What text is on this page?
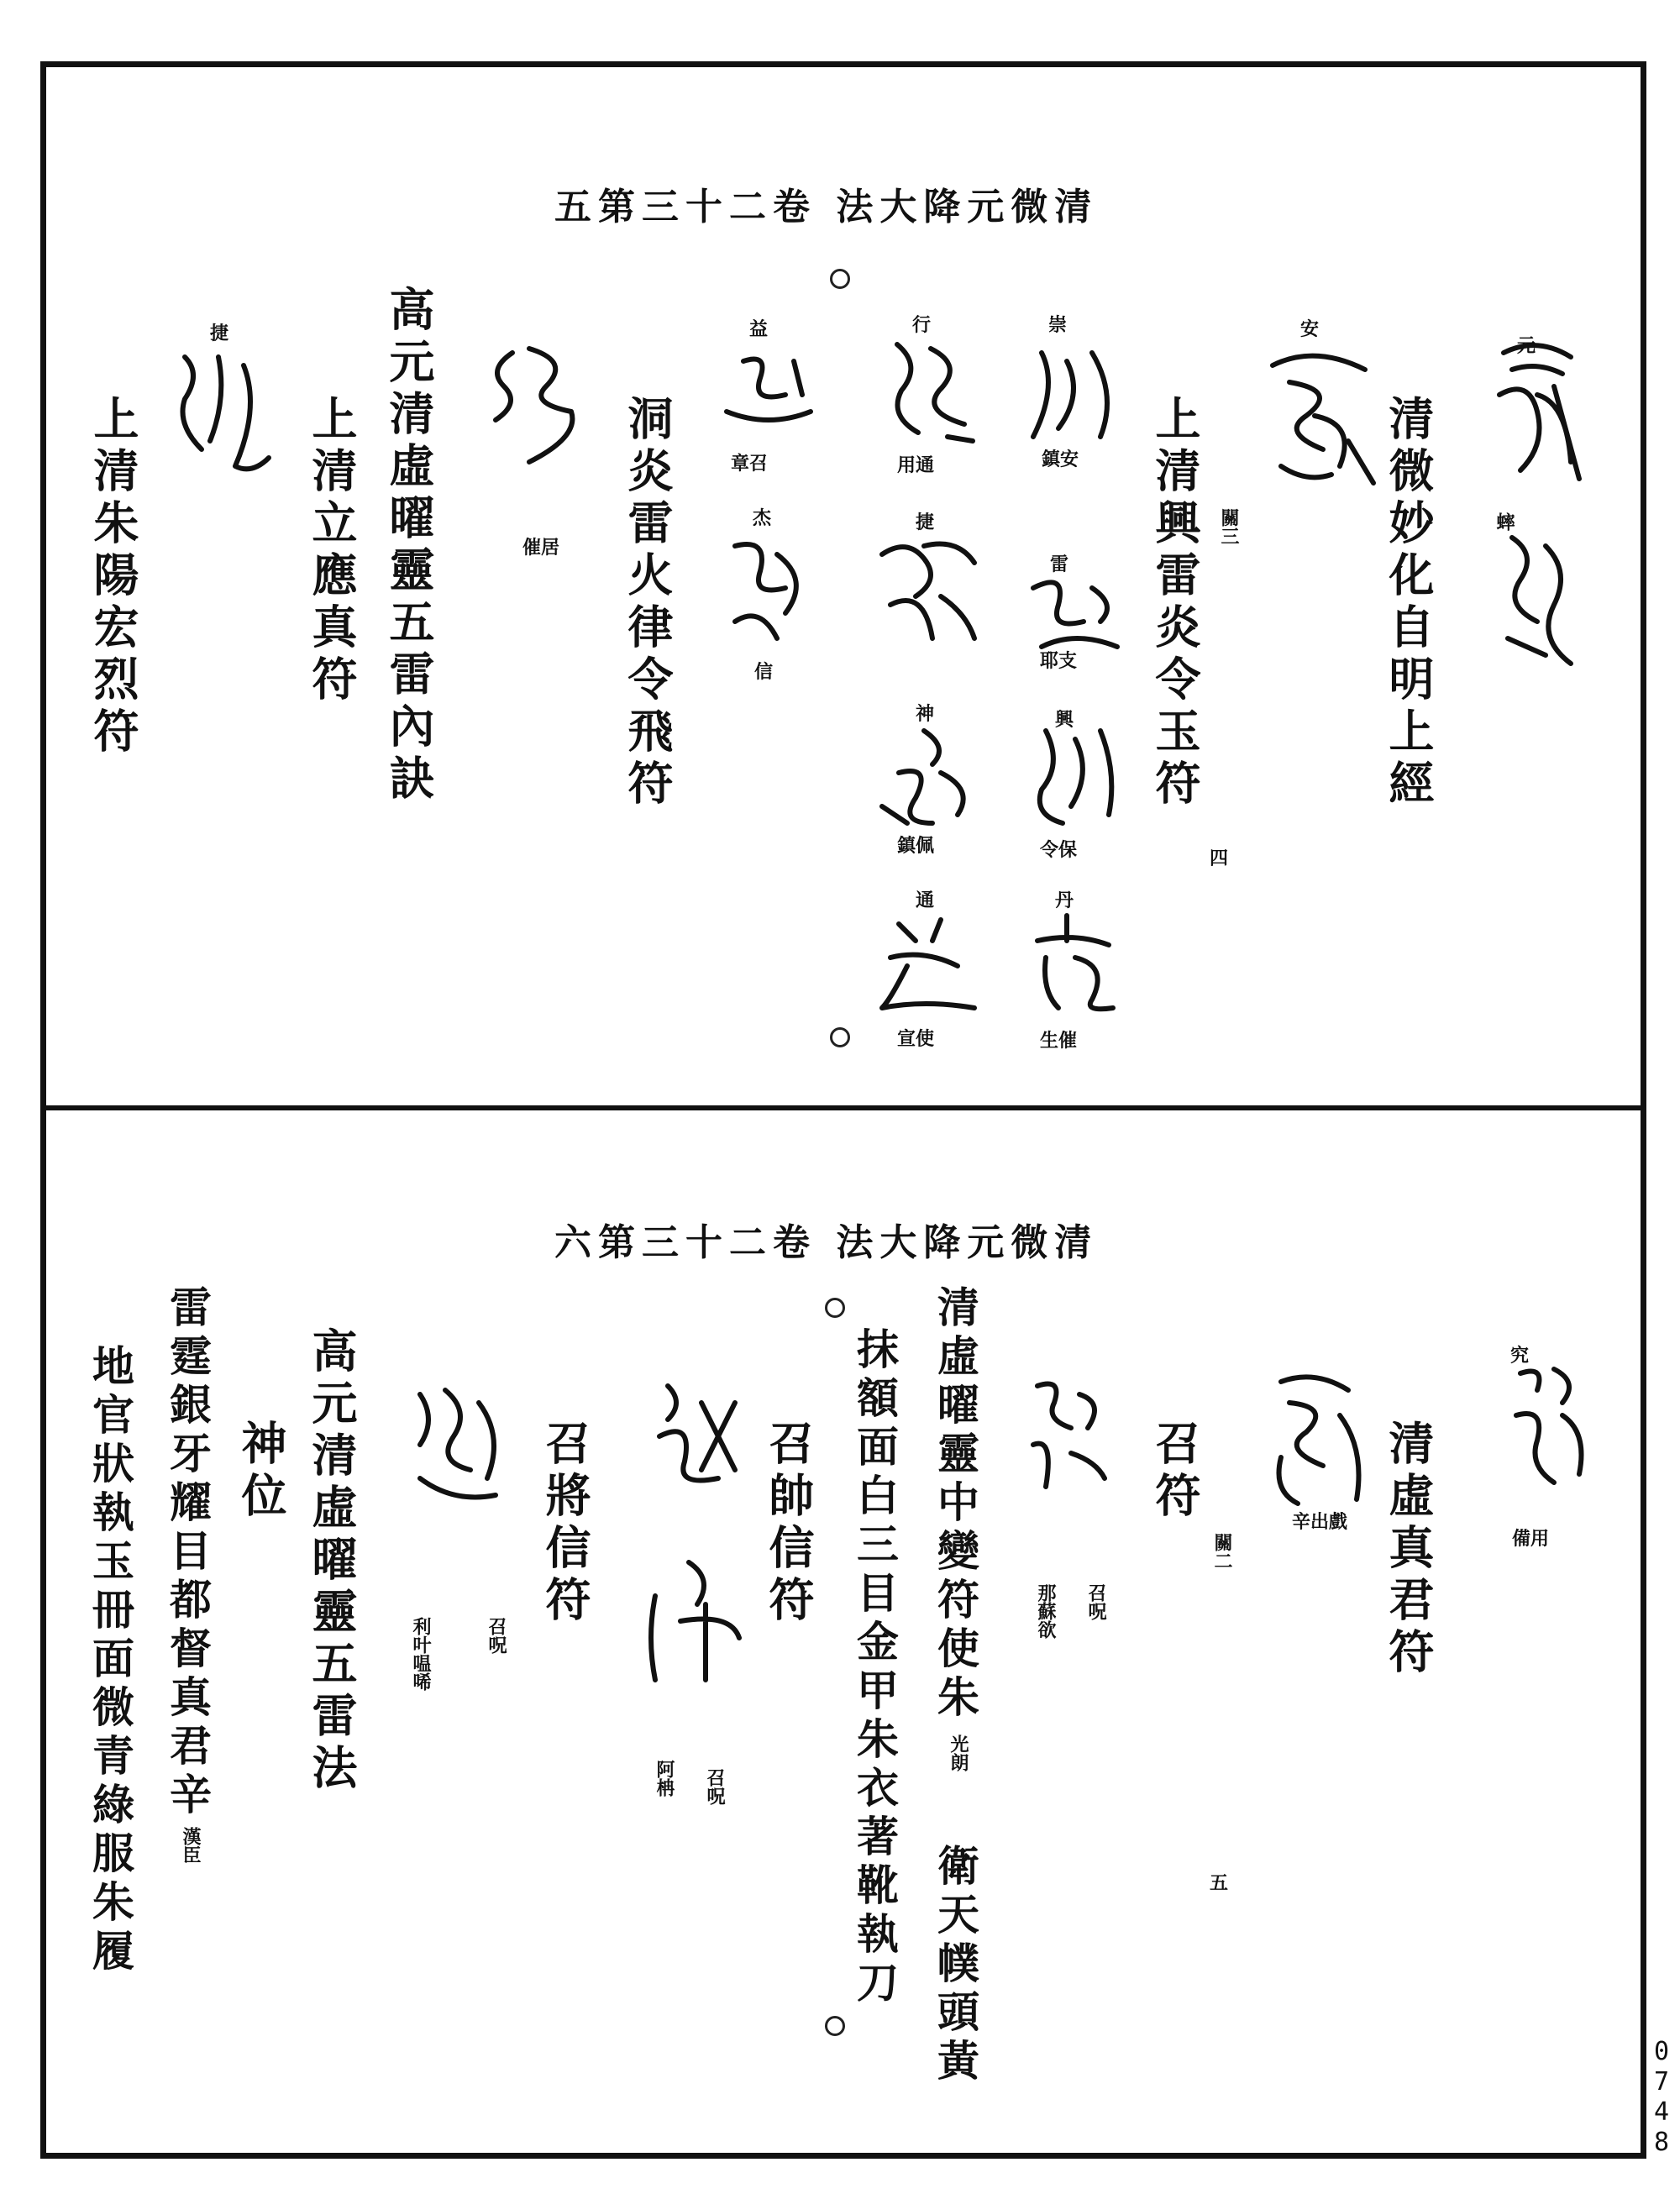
五第三十二卷 法大降元微清
清微妙化自明上經
上清興雷炎令玉符
洞炎雷火律令飛符
高元清虛曜靈五雷內訣
上清立應真符
上清朱陽宏烈符
元
蟀
安
關三
四
崇
鎮安
雷
耶支
興
令保
丹
生催
行
用通
捷
神
鎮佩
通
宣使
益
章召
杰
信
催居
捷
六第三十二卷 法大降元微清
清虛真君符
召符
清虛曜靈中變符使朱
衛天幞頭黃
抹額面白三目金甲朱衣著靴執刀
召帥信符
召將信符
高元清虛曜靈五雷法
神位
雷霆銀牙耀目都督真君辛
地官狀執玉冊面微青綠服朱履	究
備用
辛出戲
關二
五
召呪
那蘇欲
光朗
召呪
阿柟
召呪
利叶嗢唏
漢臣
0
7
4
8
